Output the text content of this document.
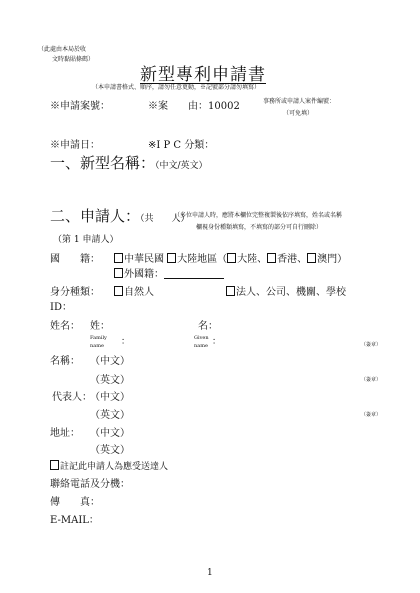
（此處由本局於收
文時黏貼條碼）
新型專利申請書
（本申請書格式、順序，請勿任意更動，※記號部分請勿填寫）
※申請案號：	※案　　由：10002	事務所或申請人案件編號：
（可免填）
※申請日：	※I P C 分類：
一、新型名稱：（中文/英文）
二、申請人：（共　　人）
（多位申請人時，應將本欄位完整複製後依序填寫，姓名或名稱
欄視身份種類填寫，不填寫的部分可自行刪除）
（第 1 申請人）
國　　籍：	中華民國 大陸地區（ 大陸、 香港、 澳門）
外國籍：
身分種類：	自然人	法人、公司、機關、學校
ID：
姓名： 姓：	名：
Family name	：	Given name ：	（簽章）
名稱： （中文）
（英文）	（簽章）
代表人：
（中文）
（英文）	（簽章）
地址： （中文）
（英文）
註記此申請人為應受送達人
聯絡電話及分機：
傳　　真：
E-MAIL：
1
